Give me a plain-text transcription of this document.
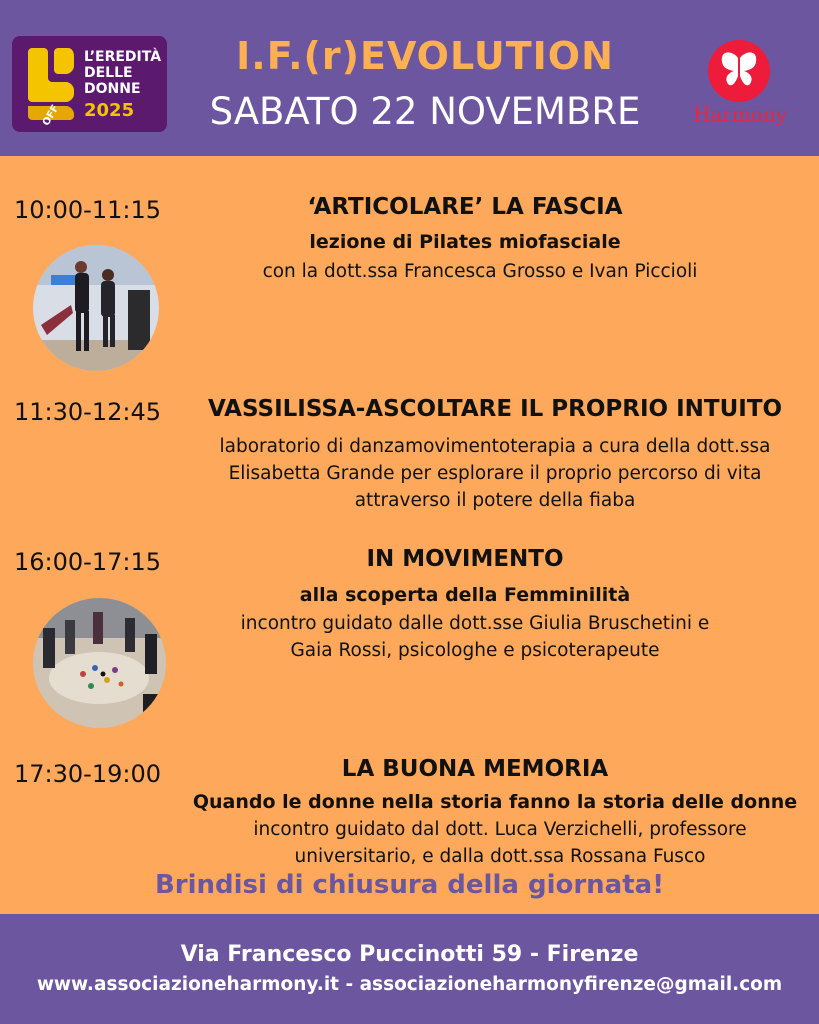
OFF
L’EREDITÀ
DELLE
DONNE
2025
I.F.(r)EVOLUTION
SABATO 22 NOVEMBRE	Harmony
10:00-11:15	‘ARTICOLARE’ LA FASCIA
lezione di Pilates miofasciale
con la dott.ssa Francesca Grosso e Ivan Piccioli
11:30-12:45	VASSILISSA-ASCOLTARE IL PROPRIO INTUITO
laboratorio di danzamovimentoterapia a cura della dott.ssa
Elisabetta Grande per esplorare il proprio percorso di vita
attraverso il potere della fiaba
16:00-17:15	IN MOVIMENTO
alla scoperta della Femminilità
incontro guidato dalle dott.sse Giulia Bruschetini e
Gaia Rossi, psicologhe e psicoterapeute
17:30-19:00	LA BUONA MEMORIA
Quando le donne nella storia fanno la storia delle donne
incontro guidato dal dott. Luca Verzichelli, professore
universitario, e dalla dott.ssa Rossana Fusco
Brindisi di chiusura della giornata!
Via Francesco Puccinotti 59 - Firenze
www.associazioneharmony.it - associazioneharmonyfirenze@gmail.com
